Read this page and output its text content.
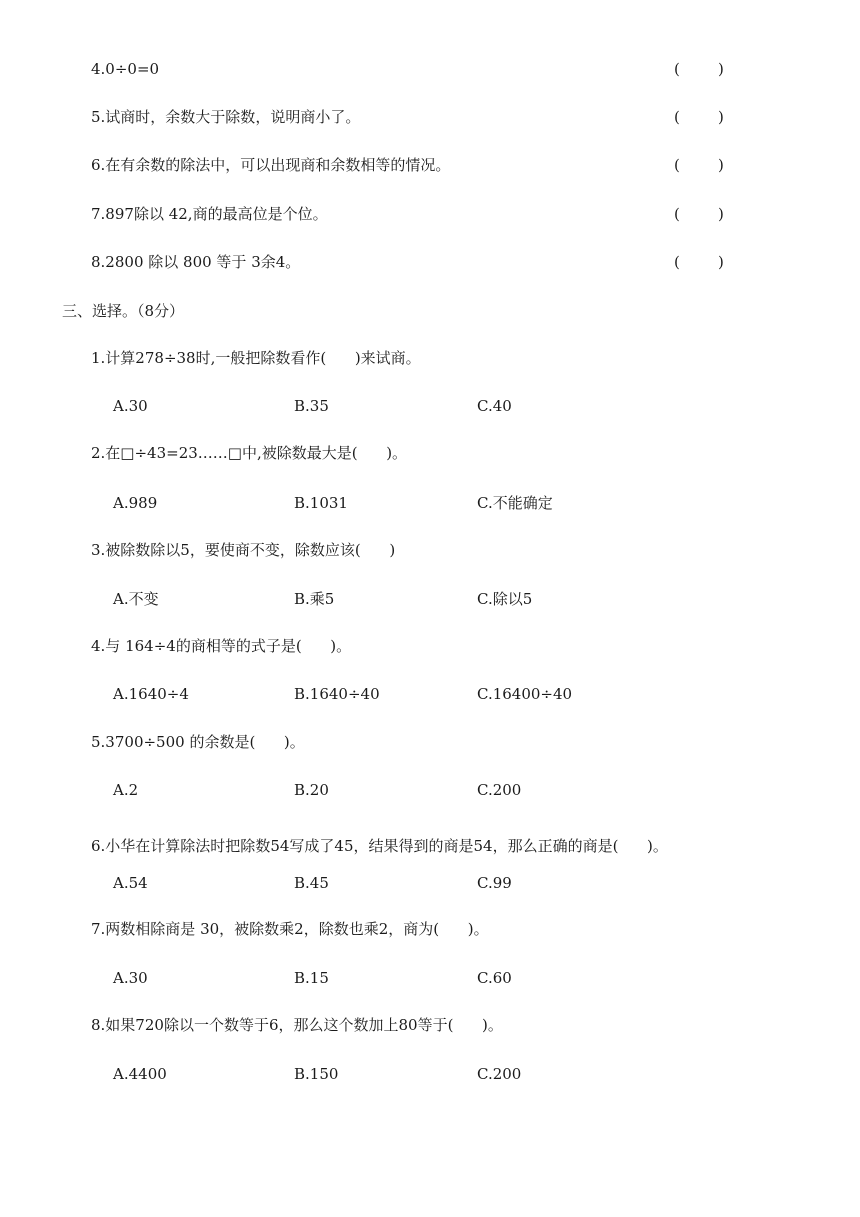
4.0÷0=0	(        )
5.试商时，余数大于除数，说明商小了。	(        )
6.在有余数的除法中，可以出现商和余数相等的情况。	(        )
7.897除以 42,商的最高位是个位。	(        )
8.2800 除以 800 等于 3余4。	(        )
三、选择。（8分）
1.计算278÷38时,一般把除数看作(      )来试商。
A.30	B.35	C.40
2.在□÷43=23……□中,被除数最大是(      )。
A.989	B.1031	C.不能确定
3.被除数除以5，要使商不变，除数应该(      )
A.不变	B.乘5	C.除以5
4.与 164÷4的商相等的式子是(      )。
A.1640÷4	B.1640÷40	C.16400÷40
5.3700÷500 的余数是(      )。
A.2	B.20	C.200
6.小华在计算除法时把除数54写成了45，结果得到的商是54，那么正确的商是(      )。
A.54	B.45	C.99
7.两数相除商是 30，被除数乘2，除数也乘2，商为(      )。
A.30	B.15	C.60
8.如果720除以一个数等于6，那么这个数加上80等于(      )。
A.4400	B.150	C.200
